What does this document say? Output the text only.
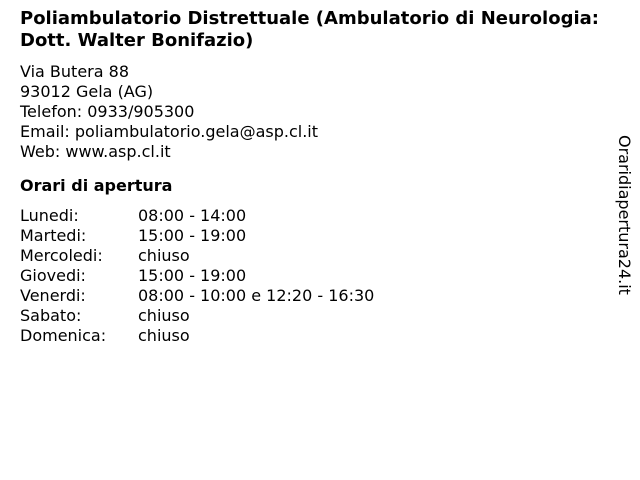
Poliambulatorio Distrettuale (Ambulatorio di Neurologia: Dott. Walter Bonifazio)
Via Butera 88
93012 Gela (AG)
Telefon: 0933/905300
Email: poliambulatorio.gela@asp.cl.it
Web: www.asp.cl.it
Orari di apertura
Lunedi:	08:00 - 14:00
Martedi:	15:00 - 19:00
Mercoledi: chiuso
Giovedi:	15:00 - 19:00
Venerdi:	08:00 - 10:00 e 12:20 - 16:30
Sabato:	chiuso
Domenica: chiuso
Oraridiapertura24.it
